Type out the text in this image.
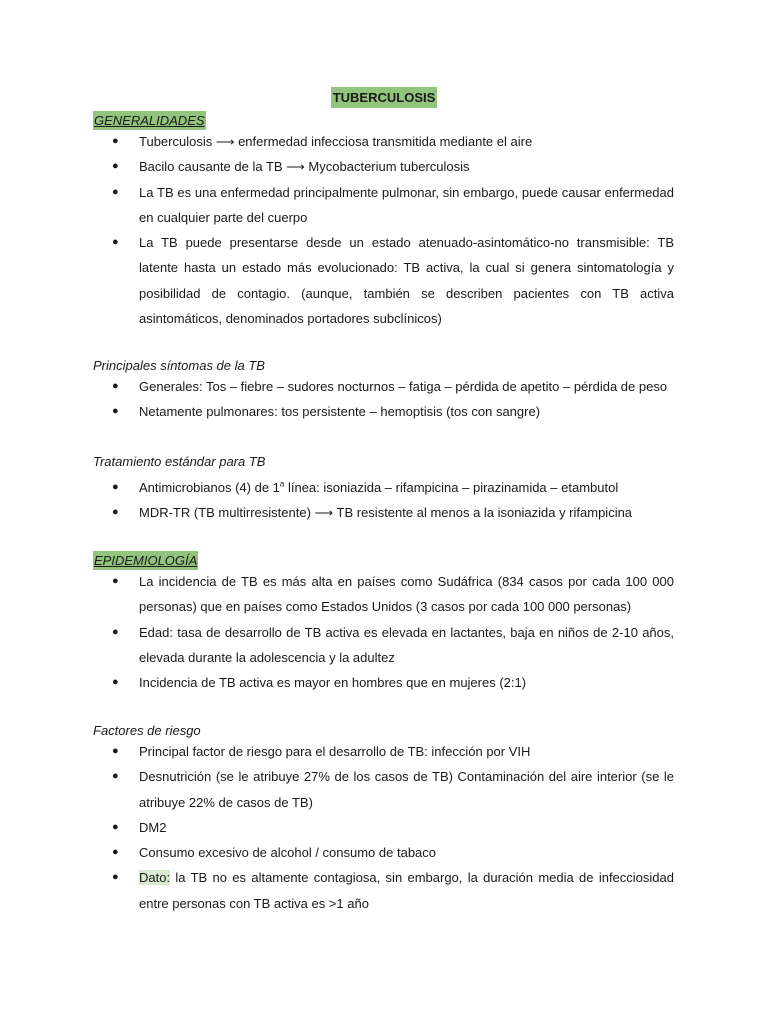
TUBERCULOSIS
GENERALIDADES
● Tuberculosis ⟶ enfermedad infecciosa transmitida mediante el aire
● Bacilo causante de la TB ⟶ Mycobacterium tuberculosis
● La TB es una enfermedad principalmente pulmonar, sin embargo, puede causar enfermedad en cualquier parte del cuerpo
● La TB puede presentarse desde un estado atenuado-asintomático-no transmisible: TB latente hasta un estado más evolucionado: TB activa, la cual si genera sintomatología y posibilidad de contagio. (aunque, también se describen pacientes con TB activa asintomáticos, denominados portadores subclínicos)
Principales síntomas de la TB
● Generales: Tos – fiebre – sudores nocturnos – fatiga – pérdida de apetito – pérdida de peso
● Netamente pulmonares: tos persistente – hemoptisis (tos con sangre)
Tratamiento estándar para TB
● Antimicrobianos (4) de 1$^a$ línea: isoniazida – rifampicina – pirazinamida – etambutol
● MDR-TR (TB multirresistente) ⟶ TB resistente al menos a la isoniazida y rifampicina
EPIDEMIOLOGÍA
● La incidencia de TB es más alta en países como Sudáfrica (834 casos por cada 100 000 personas) que en países como Estados Unidos (3 casos por cada 100 000 personas)
● Edad: tasa de desarrollo de TB activa es elevada en lactantes, baja en niños de 2-10 años, elevada durante la adolescencia y la adultez
● Incidencia de TB activa es mayor en hombres que en mujeres (2:1)
Factores de riesgo
● Principal factor de riesgo para el desarrollo de TB: infección por VIH
● Desnutrición (se le atribuye 27% de los casos de TB) Contaminación del aire interior (se le atribuye 22% de casos de TB)
● DM2
● Consumo excesivo de alcohol / consumo de tabaco
● Dato: la TB no es altamente contagiosa, sin embargo, la duración media de infecciosidad entre personas con TB activa es >1 año
